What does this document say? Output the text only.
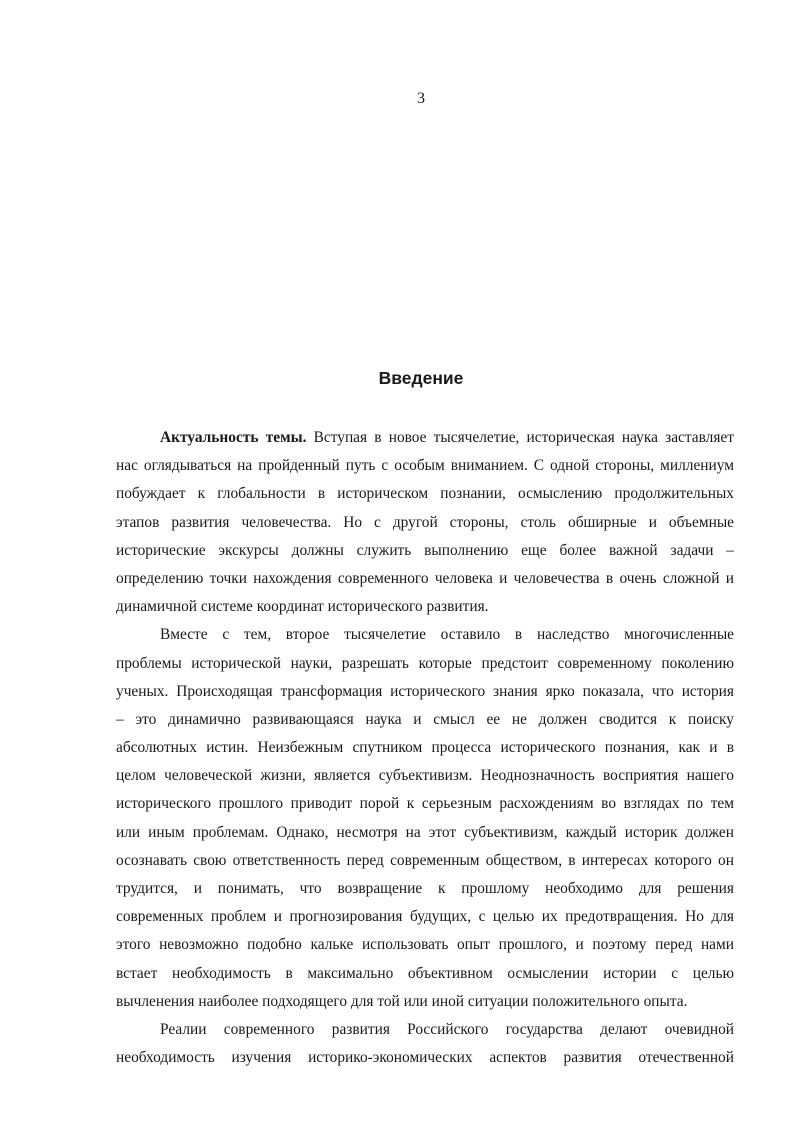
3
Введение
Актуальность темы. Вступая в новое тысячелетие, историческая наука заставляет
нас оглядываться на пройденный путь с особым вниманием. С одной стороны, миллениум
побуждает к глобальности в историческом познании, осмыслению продолжительных
этапов развития человечества. Но с другой стороны, столь обширные и объемные
исторические экскурсы должны служить выполнению еще более важной задачи –
определению точки нахождения современного человека и человечества в очень сложной и
динамичной системе координат исторического развития.
Вместе с тем, второе тысячелетие оставило в наследство многочисленные
проблемы исторической науки, разрешать которые предстоит современному поколению
ученых. Происходящая трансформация исторического знания ярко показала, что история
– это динамично развивающаяся наука и смысл ее не должен сводится к поиску
абсолютных истин. Неизбежным спутником процесса исторического познания, как и в
целом человеческой жизни, является субъективизм. Неоднозначность восприятия нашего
исторического прошлого приводит порой к серьезным расхождениям во взглядах по тем
или иным проблемам. Однако, несмотря на этот субъективизм, каждый историк должен
осознавать свою ответственность перед современным обществом, в интересах которого он
трудится, и понимать, что возвращение к прошлому необходимо для решения
современных проблем и прогнозирования будущих, с целью их предотвращения. Но для
этого невозможно подобно кальке использовать опыт прошлого, и поэтому перед нами
встает необходимость в максимально объективном осмыслении истории с целью
вычленения наиболее подходящего для той или иной ситуации положительного опыта.
Реалии современного развития Российского государства делают очевидной
необходимость изучения историко-экономических аспектов развития отечественной
